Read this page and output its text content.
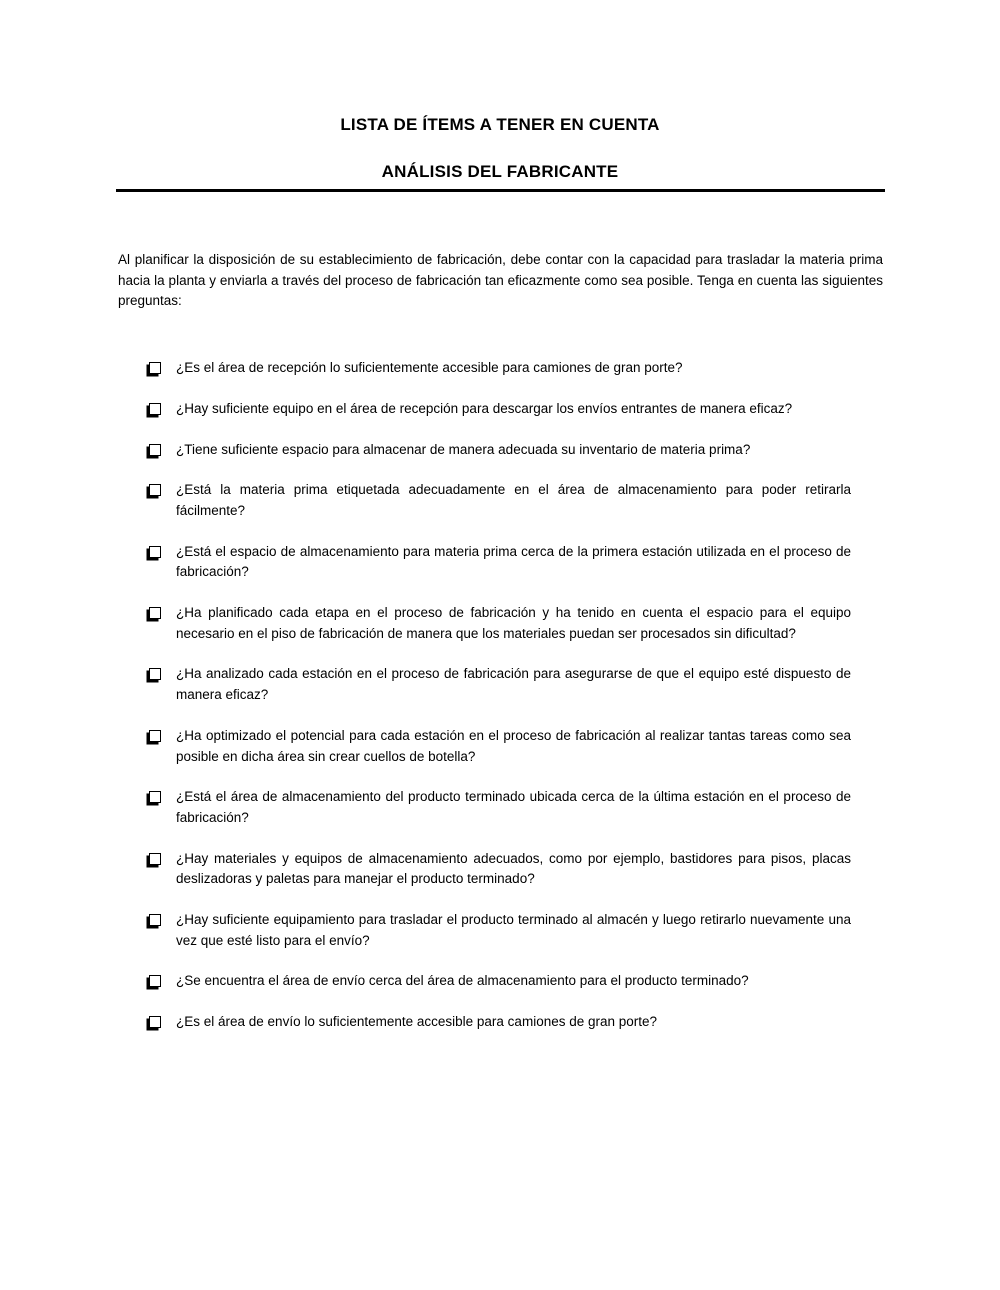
LISTA DE ÍTEMS A TENER EN CUENTA
ANÁLISIS DEL FABRICANTE

Al planificar la disposición de su establecimiento de fabricación, debe contar con la capacidad para trasladar la materia prima hacia la planta y enviarla a través del proceso de fabricación tan eficazmente como sea posible. Tenga en cuenta las siguientes preguntas:

¿Es el área de recepción lo suficientemente accesible para camiones de gran porte?
¿Hay suficiente equipo en el área de recepción para descargar los envíos entrantes de manera eficaz?
¿Tiene suficiente espacio para almacenar de manera adecuada su inventario de materia prima?
¿Está la materia prima etiquetada adecuadamente en el área de almacenamiento para poder retirarla fácilmente?
¿Está el espacio de almacenamiento para materia prima cerca de la primera estación utilizada en el proceso de fabricación?
¿Ha planificado cada etapa en el proceso de fabricación y ha tenido en cuenta el espacio para el equipo necesario en el piso de fabricación de manera que los materiales puedan ser procesados sin dificultad?
¿Ha analizado cada estación en el proceso de fabricación para asegurarse de que el equipo esté dispuesto de manera eficaz?
¿Ha optimizado el potencial para cada estación en el proceso de fabricación al realizar tantas tareas como sea posible en dicha área sin crear cuellos de botella?
¿Está el área de almacenamiento del producto terminado ubicada cerca de la última estación en el proceso de fabricación?
¿Hay materiales y equipos de almacenamiento adecuados, como por ejemplo, bastidores para pisos, placas deslizadoras y paletas para manejar el producto terminado?
¿Hay suficiente equipamiento para trasladar el producto terminado al almacén y luego retirarlo nuevamente una vez que esté listo para el envío?
¿Se encuentra el área de envío cerca del área de almacenamiento para el producto terminado?
¿Es el área de envío lo suficientemente accesible para camiones de gran porte?
